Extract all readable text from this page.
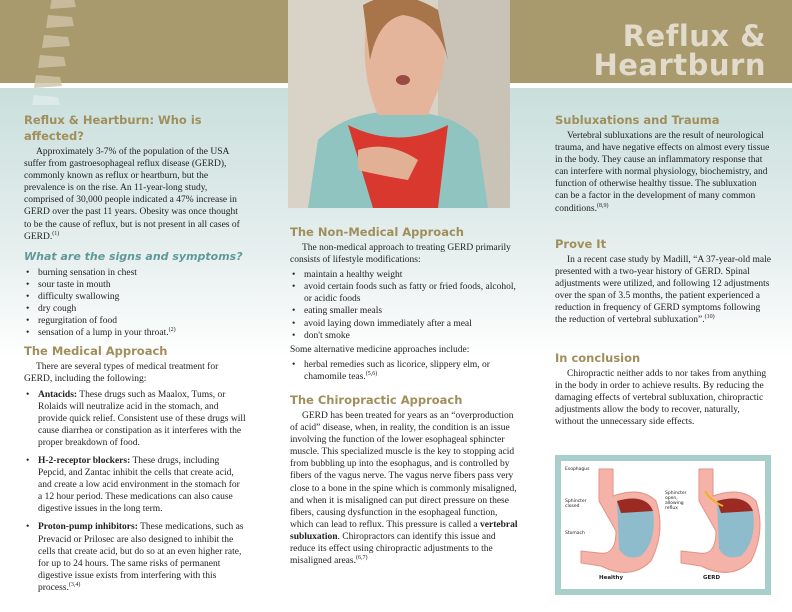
Reflux &
Heartburn
Reflux & Heartburn: Who is affected?

Approximately 3-7% of the population of the USA suffer from gastroesophageal reflux disease (GERD), commonly known as reflux or heartburn, but the prevalence is on the rise. An 11-year-long study, comprised of 30,000 people indicated a 47% increase in GERD over the past 11 years. Obesity was once thought to be the cause of reflux, but is not present in all cases of GERD.$^{(1)}$

What are the signs and symptoms?
• burning sensation in chest
• sour taste in mouth
• difficulty swallowing
• dry cough
• regurgitation of food
• sensation of a lump in your throat.$^{(2)}$
The Medical Approach

There are several types of medical treatment for GERD, including the following:

• Antacids: These drugs such as Maalox, Tums, or Rolaids will neutralize acid in the stomach, and provide quick relief. Consistent use of these drugs will cause diarrhea or constipation as it interferes with the proper breakdown of food.
• H-2-receptor blockers: These drugs, including Pepcid, and Zantac inhibit the cells that create acid, and create a low acid environment in the stomach for a 12 hour period. These medications can also cause digestive issues in the long term.
• Proton-pump inhibitors: These medications, such as Prevacid or Prilosec are also designed to inhibit the cells that create acid, but do so at an even higher rate, for up to 24 hours. The same risks of permanent digestive issue exists from interfering with this process.$^{(3,4)}$
The Non-Medical Approach

The non-medical approach to treating GERD primarily consists of lifestyle modifications:

• maintain a healthy weight
• avoid certain foods such as fatty or fried foods, alcohol, or acidic foods
• eating smaller meals
• avoid laying down immediately after a meal
• don't smoke

Some alternative medicine approaches include:

• herbal remedies such as licorice, slippery elm, or chamomile teas.$^{(5,6)}$
The Chiropractic Approach

GERD has been treated for years as an “overproduction of acid” disease, when, in reality, the condition is an issue involving the function of the lower esophageal sphincter muscle. This specialized muscle is the key to stopping acid from bubbling up into the esophagus, and is controlled by fibers of the vagus nerve. The vagus nerve fibers pass very close to a bone in the spine which is commonly misaligned, and when it is misaligned can put direct pressure on these fibers, causing dysfunction in the esophageal function, which can lead to reflux. This pressure is called a vertebral subluxation. Chiropractors can identify this issue and reduce its effect using chiropractic adjustments to the misaligned areas.$^{(6,7)}$

Subluxations and Trauma

Vertebral subluxations are the result of neurological trauma, and have negative effects on almost every tissue in the body. They cause an inflammatory response that can interfere with normal physiology, biochemistry, and function of otherwise healthy tissue. The subluxation can be a factor in the development of many common conditions.$^{(8,9)}$

Prove It

In a recent case study by Madill, “A 37-year-old male presented with a two-year history of GERD. Spinal adjustments were utilized, and following 12 adjustments over the span of 3.5 months, the patient experienced a reduction in frequency of GERD symptoms following the reduction of vertebral subluxation”.$^{(10)}$

In conclusion

Chiropractic neither adds to nor takes from anything in the body in order to achieve results. By reducing the damaging effects of vertebral subluxation, chiropractic adjustments allow the body to recover, naturally, without the unnecessary side effects.

Esophagus
Sphincter closed
Stomach
Sphincter open, allowing reflux
Healthy	GERD
